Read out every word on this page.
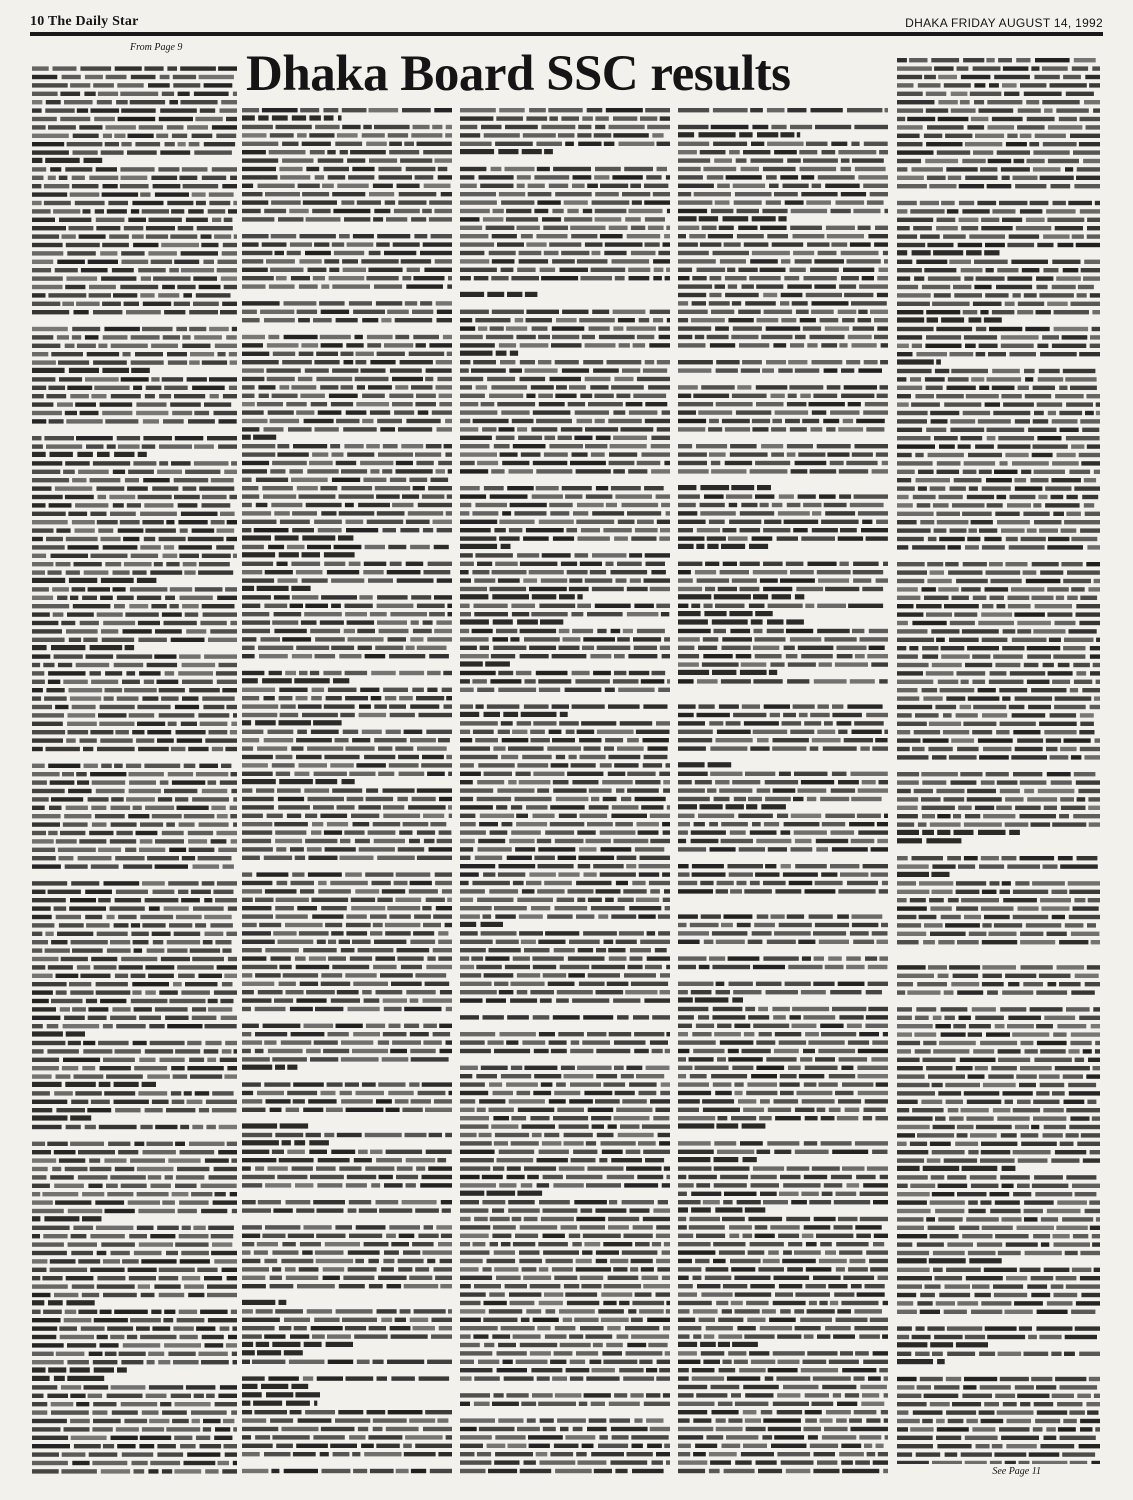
10 The Daily Star	DHAKA FRIDAY AUGUST 14, 1992
From Page 9 Dhaka Board SSC results
See Page 11
